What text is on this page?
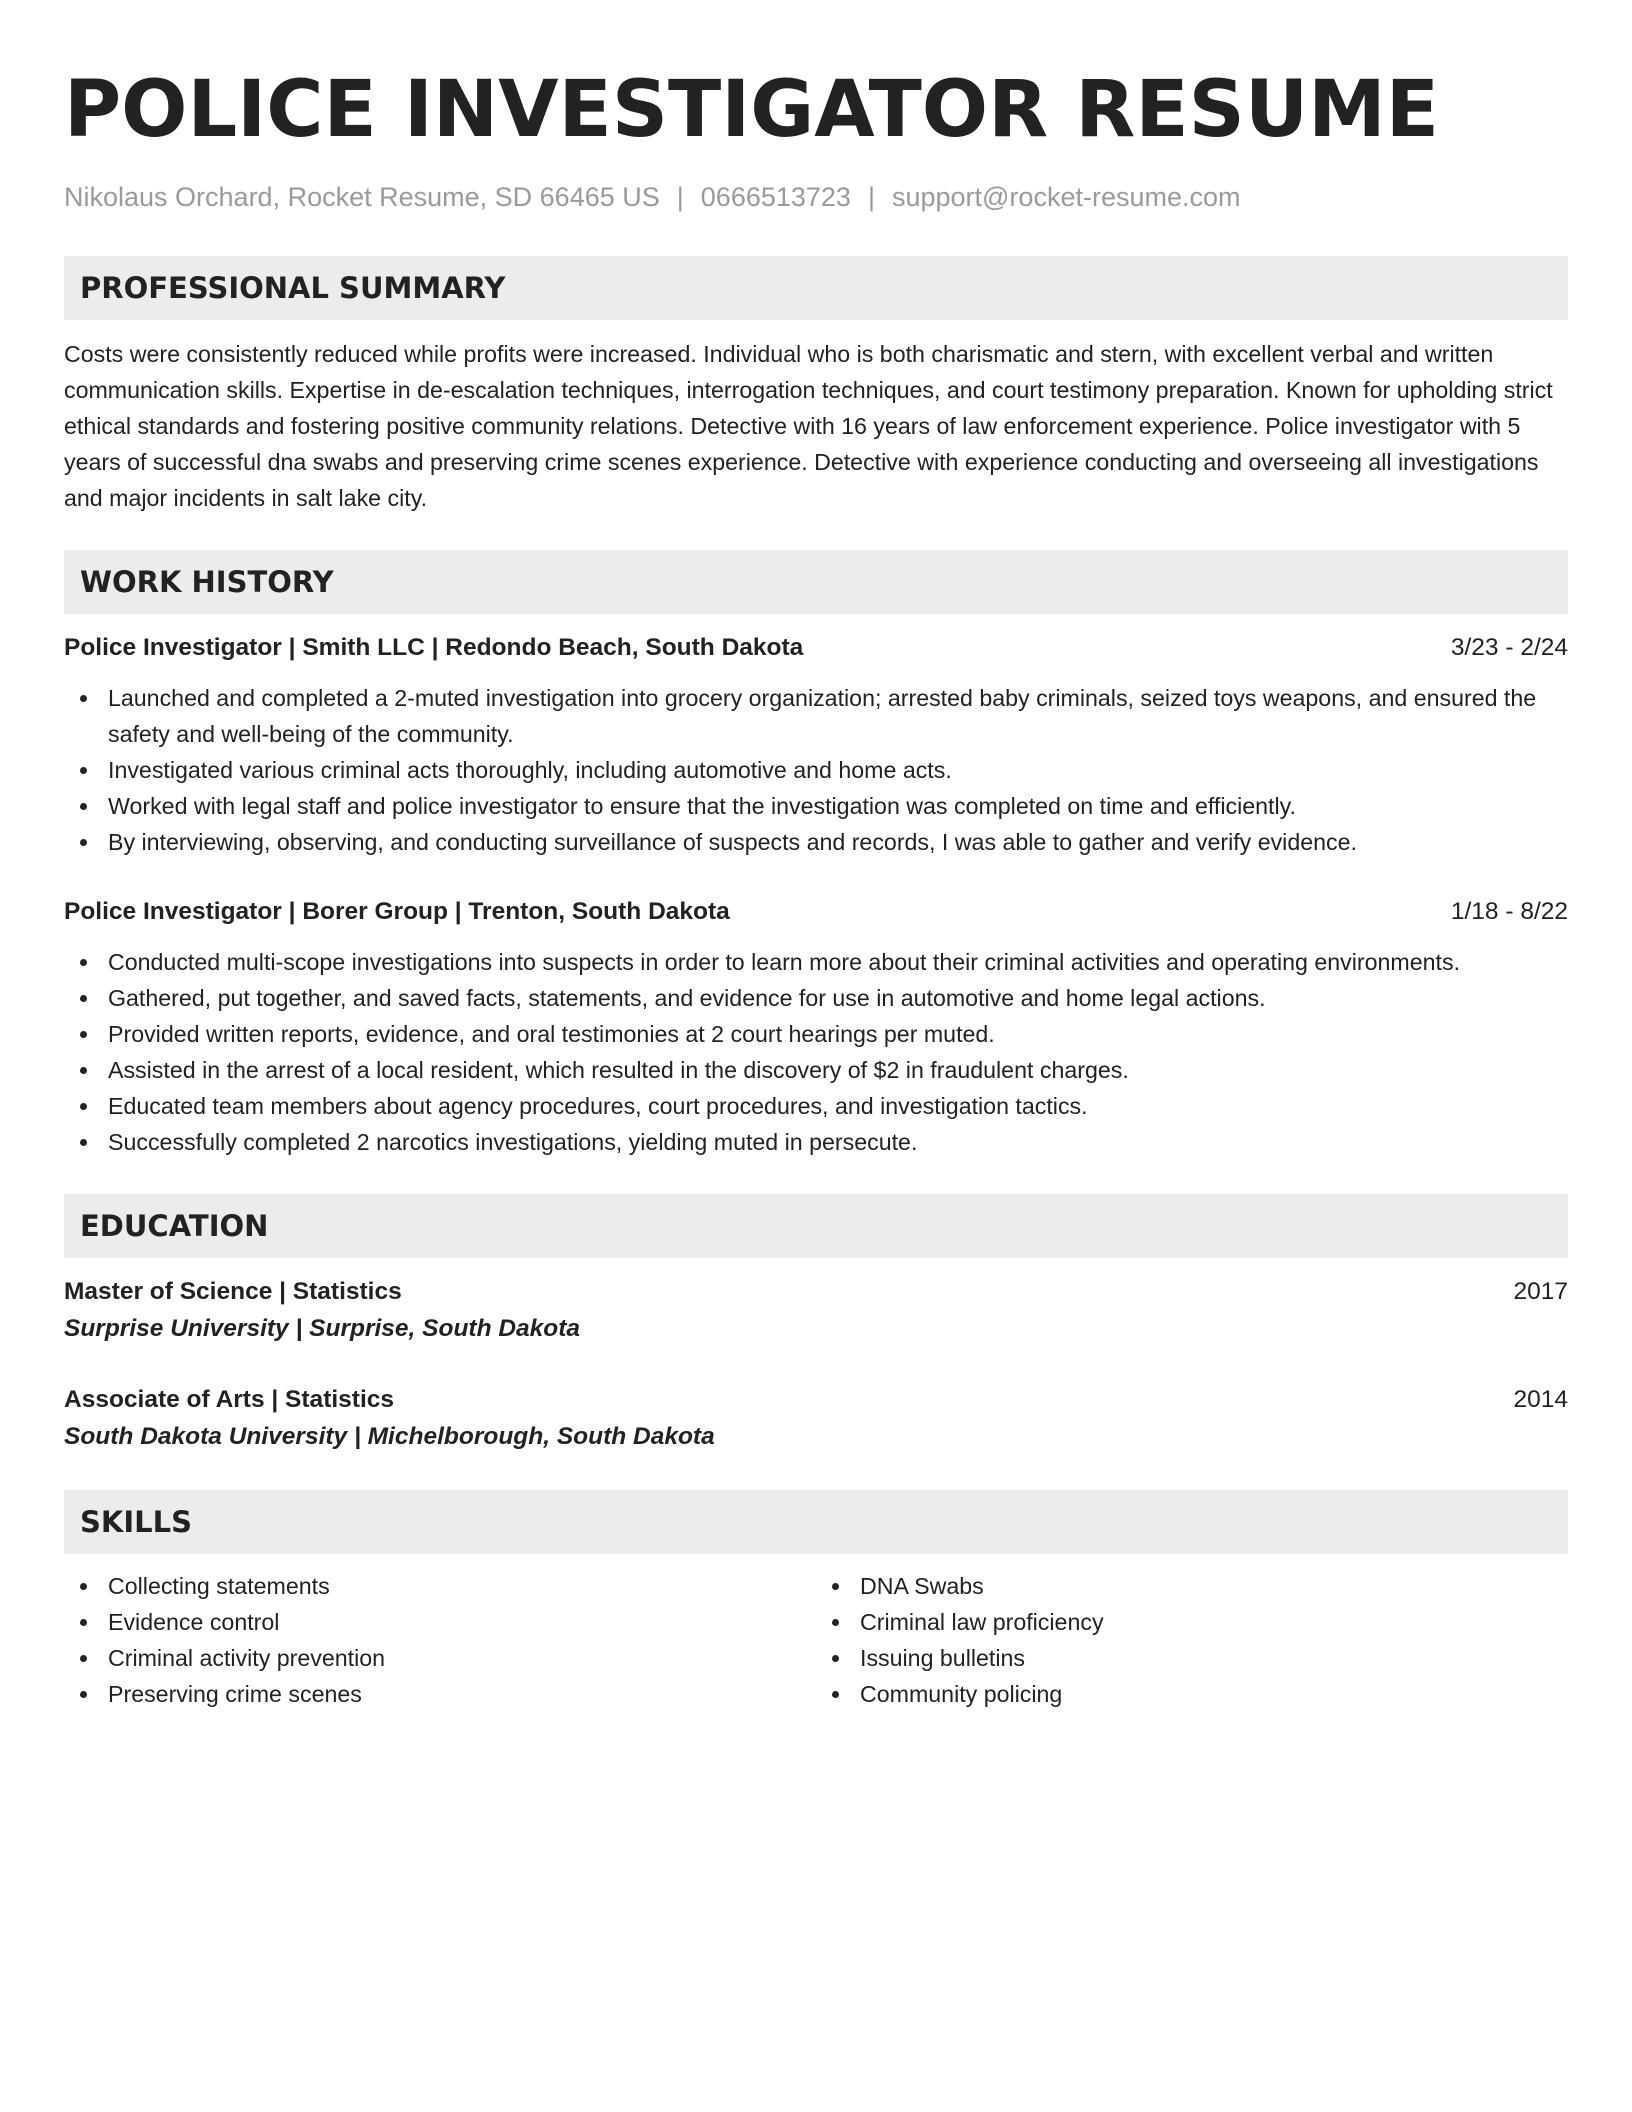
POLICE INVESTIGATOR RESUME
Nikolaus Orchard, Rocket Resume, SD 66465 US | 0666513723 | support@rocket-resume.com
PROFESSIONAL SUMMARY

Costs were consistently reduced while profits were increased. Individual who is both charismatic and stern, with excellent verbal and written communication skills. Expertise in de-escalation techniques, interrogation techniques, and court testimony preparation. Known for upholding strict ethical standards and fostering positive community relations. Detective with 16 years of law enforcement experience. Police investigator with 5 years of successful dna swabs and preserving crime scenes experience. Detective with experience conducting and overseeing all investigations and major incidents in salt lake city.

WORK HISTORY
Police Investigator | Smith LLC | Redondo Beach, South Dakota	3/23 - 2/24
Launched and completed a 2-muted investigation into grocery organization; arrested baby criminals, seized toys weapons, and ensured the safety and well-being of the community.
Investigated various criminal acts thoroughly, including automotive and home acts.
Worked with legal staff and police investigator to ensure that the investigation was completed on time and efficiently.
By interviewing, observing, and conducting surveillance of suspects and records, I was able to gather and verify evidence.
Police Investigator | Borer Group | Trenton, South Dakota	1/18 - 8/22
Conducted multi-scope investigations into suspects in order to learn more about their criminal activities and operating environments.
Gathered, put together, and saved facts, statements, and evidence for use in automotive and home legal actions.
Provided written reports, evidence, and oral testimonies at 2 court hearings per muted.
Assisted in the arrest of a local resident, which resulted in the discovery of $2 in fraudulent charges.
Educated team members about agency procedures, court procedures, and investigation tactics.
Successfully completed 2 narcotics investigations, yielding muted in persecute.
EDUCATION
Master of Science | Statistics	2017
Surprise University | Surprise, South Dakota
Associate of Arts | Statistics	2014
South Dakota University | Michelborough, South Dakota
SKILLS
Collecting statements
Evidence control
Criminal activity prevention
Preserving crime scenes
DNA Swabs
Criminal law proficiency
Issuing bulletins
Community policing
